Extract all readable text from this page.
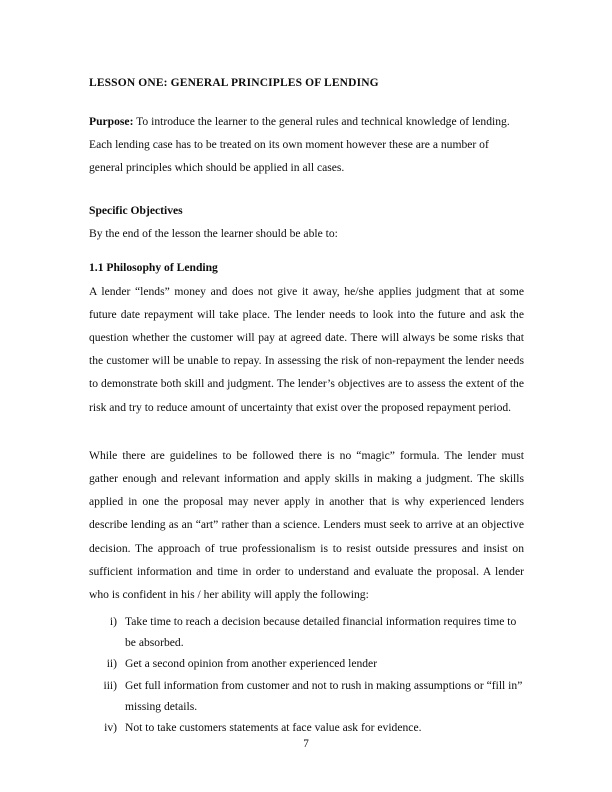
LESSON ONE: GENERAL PRINCIPLES OF LENDING

Purpose: To introduce the learner to the general rules and technical knowledge of lending.

Each lending case has to be treated on its own moment however these are a number of general principles which should be applied in all cases.

Specific Objectives

By the end of the lesson the learner should be able to:

1.1 Philosophy of Lending

A lender “lends” money and does not give it away, he/she applies judgment that at some future date repayment will take place. The lender needs to look into the future and ask the question whether the customer will pay at agreed date. There will always be some risks that the customer will be unable to repay. In assessing the risk of non-repayment the lender needs to demonstrate both skill and judgment. The lender’s objectives are to assess the extent of the risk and try to reduce amount of uncertainty that exist over the proposed repayment period.

While there are guidelines to be followed there is no “magic” formula. The lender must gather enough and relevant information and apply skills in making a judgment. The skills applied in one the proposal may never apply in another that is why experienced lenders describe lending as an “art” rather than a science. Lenders must seek to arrive at an objective decision. The approach of true professionalism is to resist outside pressures and insist on sufficient information and time in order to understand and evaluate the proposal. A lender who is confident in his / her ability will apply the following:

i) Take time to reach a decision because detailed financial information requires time to be absorbed.
ii) Get a second opinion from another experienced lender
iii) Get full information from customer and not to rush in making assumptions or “fill in” missing details.
iv) Not to take customers statements at face value ask for evidence.
7
